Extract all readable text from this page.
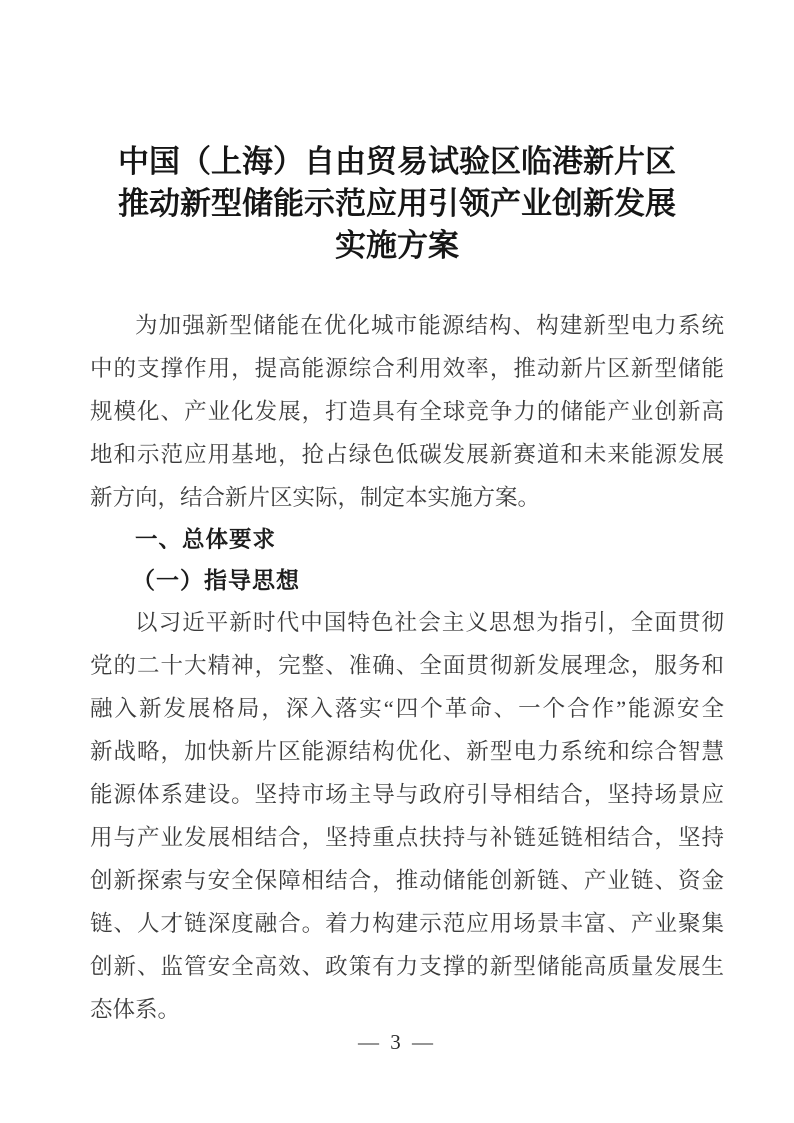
中国（上海）自由贸易试验区临港新片区
推动新型储能示范应用引领产业创新发展
实施方案
为加强新型储能在优化城市能源结构、构建新型电力系统
中的支撑作用，提高能源综合利用效率，推动新片区新型储能
规模化、产业化发展，打造具有全球竞争力的储能产业创新高
地和示范应用基地，抢占绿色低碳发展新赛道和未来能源发展
新方向，结合新片区实际，制定本实施方案。
一、总体要求
（一）指导思想
以习近平新时代中国特色社会主义思想为指引，全面贯彻
党的二十大精神，完整、准确、全面贯彻新发展理念，服务和
融入新发展格局，深入落实“四个革命、一个合作”能源安全
新战略，加快新片区能源结构优化、新型电力系统和综合智慧
能源体系建设。坚持市场主导与政府引导相结合，坚持场景应
用与产业发展相结合，坚持重点扶持与补链延链相结合，坚持
创新探索与安全保障相结合，推动储能创新链、产业链、资金
链、人才链深度融合。着力构建示范应用场景丰富、产业聚集
创新、监管安全高效、政策有力支撑的新型储能高质量发展生
态体系。
— 3 —
